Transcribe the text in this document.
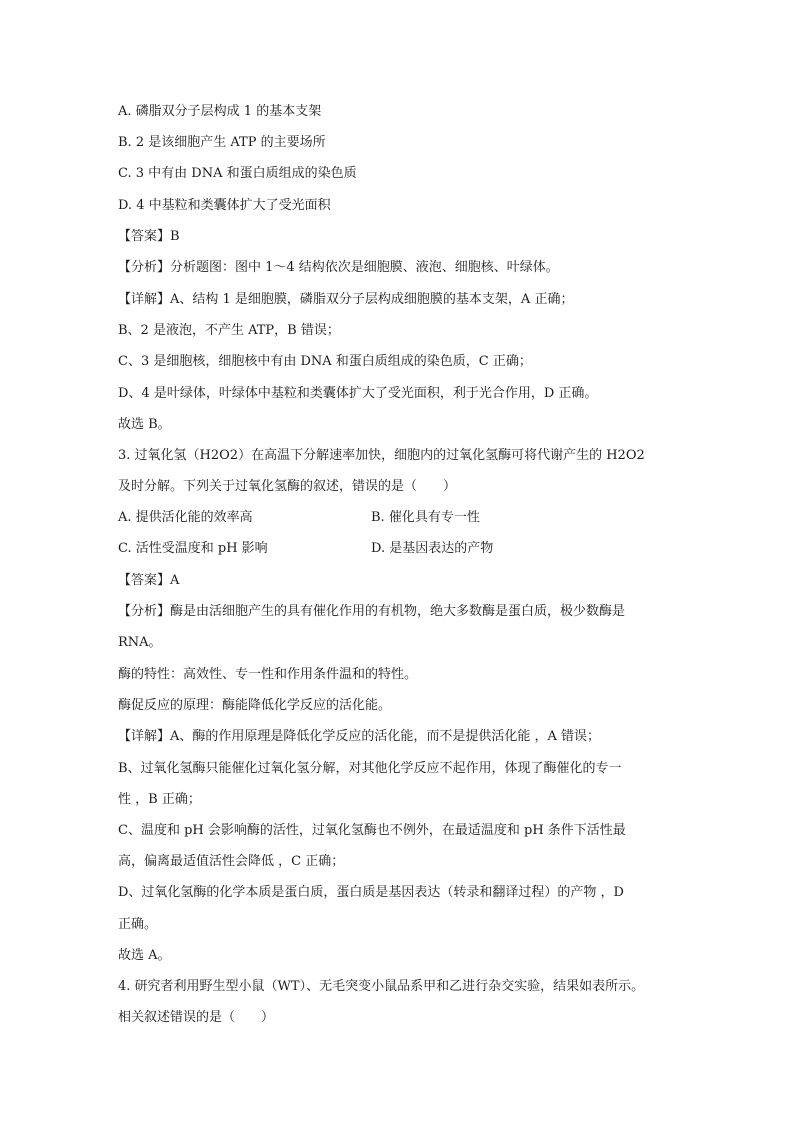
A. 磷脂双分子层构成 1 的基本支架
B. 2 是该细胞产生 ATP 的主要场所
C. 3 中有由 DNA 和蛋白质组成的染色质
D. 4 中基粒和类囊体扩大了受光面积
【答案】B
【分析】分析题图：图中 1～4 结构依次是细胞膜、液泡、细胞核、叶绿体。
【详解】A、结构 1 是细胞膜，磷脂双分子层构成细胞膜的基本支架，A 正确；
B、2 是液泡，不产生 ATP，B 错误；
C、3 是细胞核，细胞核中有由 DNA 和蛋白质组成的染色质，C 正确；
D、4 是叶绿体，叶绿体中基粒和类囊体扩大了受光面积，利于光合作用，D 正确。
故选 B。
3. 过氧化氢（H2O2）在高温下分解速率加快，细胞内的过氧化氢酶可将代谢产生的 H2O2
及时分解。下列关于过氧化氢酶的叙述，错误的是（　　）
A. 提供活化能的效率高	B. 催化具有专一性
C. 活性受温度和 pH 影响	D. 是基因表达的产物
【答案】A
【分析】酶是由活细胞产生的具有催化作用的有机物，绝大多数酶是蛋白质，极少数酶是
RNA。
酶的特性：高效性、专一性和作用条件温和的特性。
酶促反应的原理：酶能降低化学反应的活化能。
【详解】A、酶的作用原理是降低化学反应的活化能，而不是提供活化能 ，A 错误；
B、过氧化氢酶只能催化过氧化氢分解，对其他化学反应不起作用，体现了酶催化的专一
性 ，B 正确；
C、温度和 pH 会影响酶的活性，过氧化氢酶也不例外，在最适温度和 pH 条件下活性最
高，偏离最适值活性会降低 ，C 正确；
D、过氧化氢酶的化学本质是蛋白质，蛋白质是基因表达（转录和翻译过程）的产物 ，D
正确。
故选 A。
4. 研究者利用野生型小鼠（WT）、无毛突变小鼠品系甲和乙进行杂交实验，结果如表所示。
相关叙述错误的是（　　）
